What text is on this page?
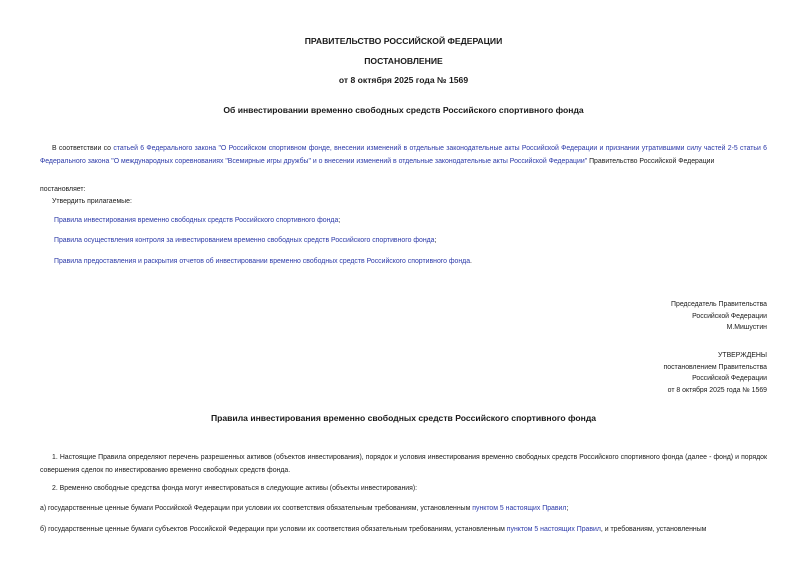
ПРАВИТЕЛЬСТВО РОССИЙСКОЙ ФЕДЕРАЦИИ
ПОСТАНОВЛЕНИЕ
от 8 октября 2025 года № 1569
Об инвестировании временно свободных средств Российского спортивного фонда
В соответствии со статьей 6 Федерального закона "О Российском спортивном фонде, внесении изменений в отдельные законодательные акты Российской Федерации и признании утратившими силу частей 2-5 статьи 6 Федерального закона "О международных соревнованиях "Всемирные игры дружбы" и о внесении изменений в отдельные законодательные акты Российской Федерации" Правительство Российской Федерации
постановляет:
Утвердить прилагаемые:
Правила инвестирования временно свободных средств Российского спортивного фонда;
Правила осуществления контроля за инвестированием временно свободных средств Российского спортивного фонда;
Правила предоставления и раскрытия отчетов об инвестировании временно свободных средств Российского спортивного фонда.
Председатель Правительства
Российской Федерации
М.Мишустин
УТВЕРЖДЕНЫ
постановлением Правительства
Российской Федерации
от 8 октября 2025 года № 1569
Правила инвестирования временно свободных средств Российского спортивного фонда
1. Настоящие Правила определяют перечень разрешенных активов (объектов инвестирования), порядок и условия инвестирования временно свободных средств Российского спортивного фонда (далее - фонд) и порядок совершения сделок по инвестированию временно свободных средств фонда.
2. Временно свободные средства фонда могут инвестироваться в следующие активы (объекты инвестирования):
а) государственные ценные бумаги Российской Федерации при условии их соответствия обязательным требованиям, установленным пунктом 5 настоящих Правил;
б) государственные ценные бумаги субъектов Российской Федерации при условии их соответствия обязательным требованиям, установленным пунктом 5 настоящих Правил, и требованиям, установленным
